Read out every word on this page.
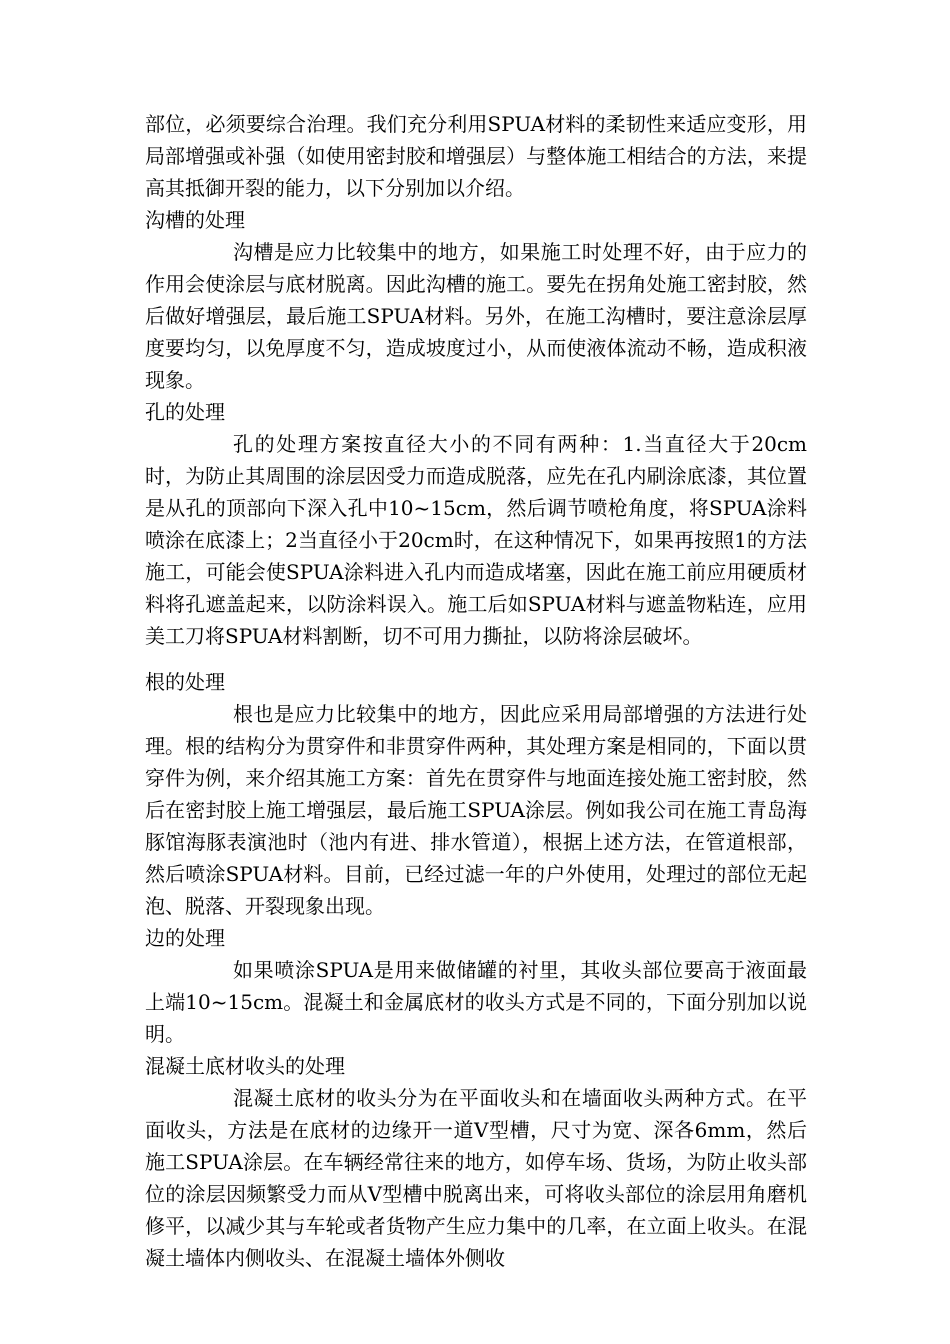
部位，必须要综合治理。我们充分利用SPUA材料的柔韧性来适应变形，用局部增强或补强（如使用密封胶和增强层）与整体施工相结合的方法，来提高其抵御开裂的能力，以下分别加以介绍。

沟槽的处理

沟槽是应力比较集中的地方，如果施工时处理不好，由于应力的作用会使涂层与底材脱离。因此沟槽的施工。要先在拐角处施工密封胶，然后做好增强层，最后施工SPUA材料。另外，在施工沟槽时，要注意涂层厚度要均匀，以免厚度不匀，造成坡度过小，从而使液体流动不畅，造成积液现象。

孔的处理

孔的处理方案按直径大小的不同有两种：1.当直径大于20cm时，为防止其周围的涂层因受力而造成脱落，应先在孔内刷涂底漆，其位置是从孔的顶部向下深入孔中10~15cm，然后调节喷枪角度，将SPUA涂料喷涂在底漆上；2当直径小于20cm时，在这种情况下，如果再按照1的方法施工，可能会使SPUA涂料进入孔内而造成堵塞，因此在施工前应用硬质材料将孔遮盖起来，以防涂料误入。施工后如SPUA材料与遮盖物粘连，应用美工刀将SPUA材料割断，切不可用力撕扯，以防将涂层破坏。

根的处理

根也是应力比较集中的地方，因此应采用局部增强的方法进行处理。根的结构分为贯穿件和非贯穿件两种，其处理方案是相同的，下面以贯穿件为例，来介绍其施工方案：首先在贯穿件与地面连接处施工密封胶，然后在密封胶上施工增强层，最后施工SPUA涂层。例如我公司在施工青岛海豚馆海豚表演池时（池内有进、排水管道），根据上述方法，在管道根部，然后喷涂SPUA材料。目前，已经过滤一年的户外使用，处理过的部位无起泡、脱落、开裂现象出现。

边的处理

如果喷涂SPUA是用来做储罐的衬里，其收头部位要高于液面最上端10~15cm。混凝土和金属底材的收头方式是不同的，下面分别加以说明。

混凝土底材收头的处理

混凝土底材的收头分为在平面收头和在墙面收头两种方式。在平面收头，方法是在底材的边缘开一道V型槽，尺寸为宽、深各6mm，然后施工SPUA涂层。在车辆经常往来的地方，如停车场、货场，为防止收头部位的涂层因频繁受力而从V型槽中脱离出来，可将收头部位的涂层用角磨机修平，以减少其与车轮或者货物产生应力集中的几率，在立面上收头。在混凝土墙体内侧收头、在混凝土墙体外侧收
